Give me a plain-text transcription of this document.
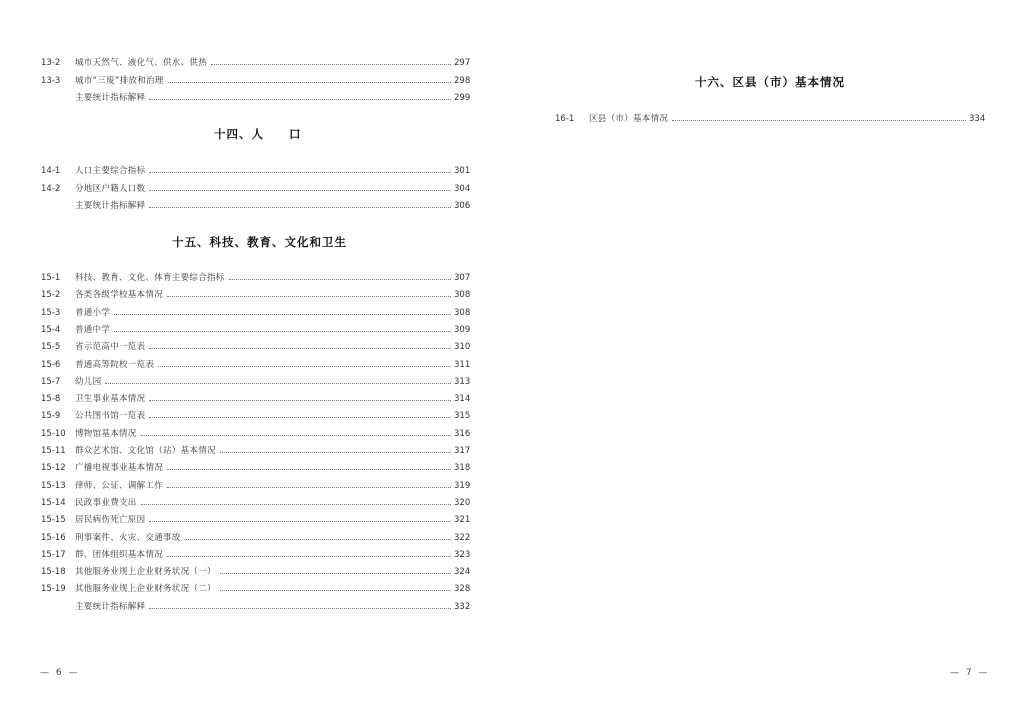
13-2	城市天然气、液化气、供水、供热	297
13-3	城市“三废”排放和治理	298
主要统计指标解释	299
十四、人　　口
14-1	人口主要综合指标	301
14-2	分地区户籍人口数	304
主要统计指标解释	306
十五、科技、教育、文化和卫生
15-1	科技、教育、文化、体育主要综合指标	307
15-2	各类各级学校基本情况	308
15-3	普通小学	308
15-4	普通中学	309
15-5	省示范高中一览表	310
15-6	普通高等院校一览表	311
15-7	幼儿园	313
15-8	卫生事业基本情况	314
15-9	公共图书馆一览表	315
15-10	博物馆基本情况	316
15-11	群众艺术馆、文化馆（站）基本情况	317
15-12	广播电视事业基本情况	318
15-13	律师、公证、调解工作	319
15-14	民政事业费支出	320
15-15	居民病伤死亡原因	321
15-16	刑事案件、火灾、交通事故	322
15-17	群、团体组织基本情况	323
15-18	其他服务业规上企业财务状况（一）	324
15-19	其他服务业规上企业财务状况（二）	328
主要统计指标解释	332
— 6 —
十六、区县（市）基本情况
16-1	区县（市）基本情况	334
— 7 —
